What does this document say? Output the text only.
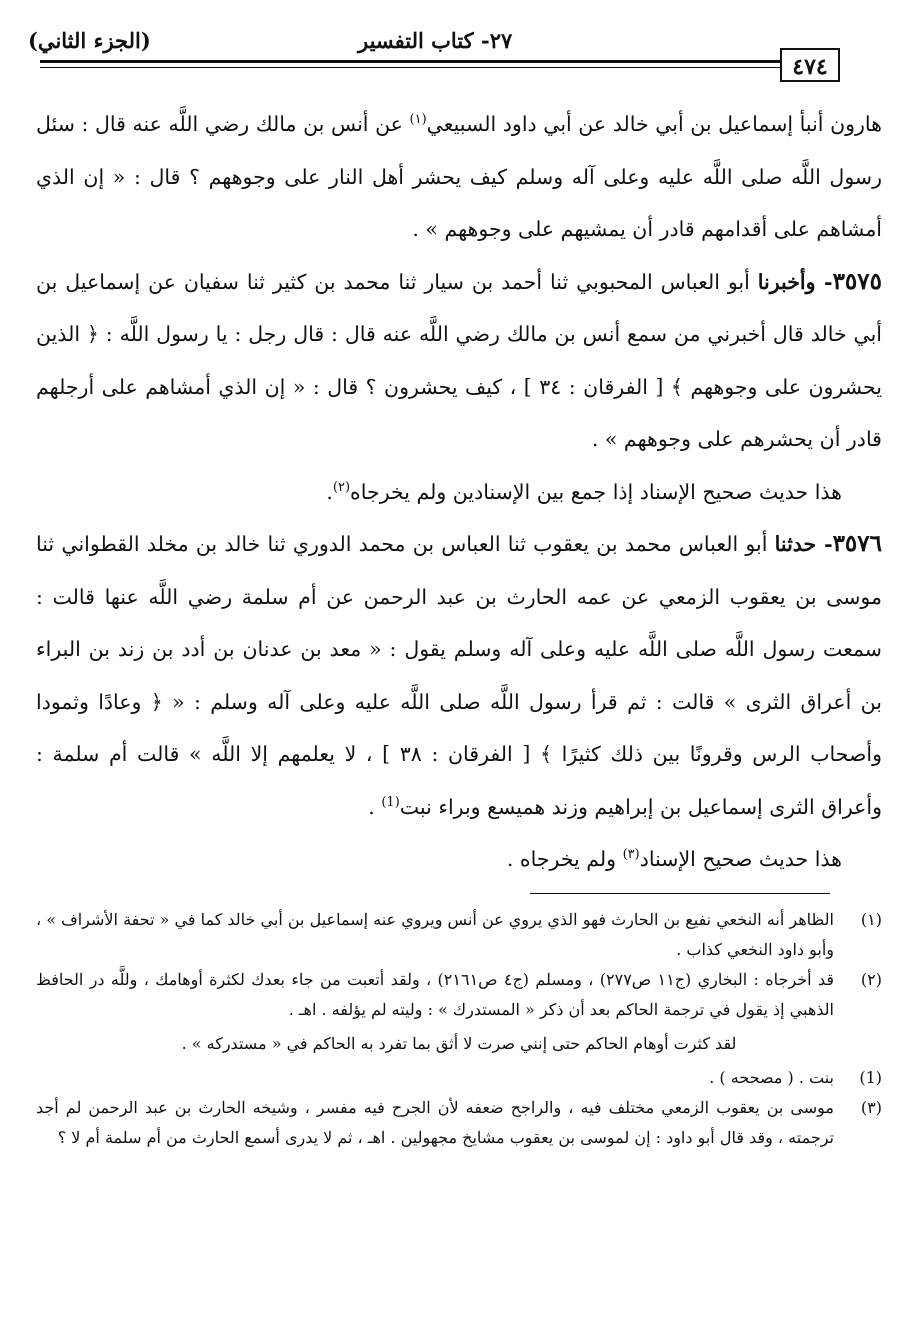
(الجزء الثاني)	٢٧- كتاب التفسير
٤٧٤

هارون أنبأ إسماعيل بن أبي خالد عن أبي داود السبيعي$^{(١)}$ عن أنس بن مالك رضي اللَّه عنه قال : سئل رسول اللَّه صلى اللَّه عليه وعلى آله وسلم كيف يحشر أهل النار على وجوههم ؟ قال : « إن الذي أمشاهم على أقدامهم قادر أن يمشيهم على وجوههم » .

٣٥٧٥- وأخبرنا أبو العباس المحبوبي ثنا أحمد بن سيار ثنا محمد بن كثير ثنا سفيان عن إسماعيل بن أبي خالد قال أخبرني من سمع أنس بن مالك رضي اللَّه عنه قال : قال رجل : يا رسول اللَّه : ﴿ الذين يحشرون على وجوههم ﴾ [ الفرقان : ٣٤ ] ، كيف يحشرون ؟ قال : « إن الذي أمشاهم على أرجلهم قادر أن يحشرهم على وجوههم » .

هذا حديث صحيح الإسناد إذا جمع بين الإسنادين ولم يخرجاه$^{(٢)}$.

٣٥٧٦- حدثنا أبو العباس محمد بن يعقوب ثنا العباس بن محمد الدوري ثنا خالد بن مخلد القطواني ثنا موسى بن يعقوب الزمعي عن عمه الحارث بن عبد الرحمن عن أم سلمة رضي اللَّه عنها قالت : سمعت رسول اللَّه صلى اللَّه عليه وعلى آله وسلم يقول : « معد بن عدنان بن أدد بن زند بن البراء بن أعراق الثرى » قالت : ثم قرأ رسول اللَّه صلى اللَّه عليه وعلى آله وسلم : « ﴿ وعادًا وثمودا وأصحاب الرس وقرونًا بين ذلك كثيرًا ﴾ [ الفرقان : ٣٨ ] ، لا يعلمهم إلا اللَّه » قالت أم سلمة : وأعراق الثرى إسماعيل بن إبراهيم وزند هميسع وبراء نبت$^{(1)}$ .

هذا حديث صحيح الإسناد$^{(٣)}$ ولم يخرجاه .

(١)
الظاهر أنه النخعي نفيع بن الحارث فهو الذي يروي عن أنس ويروي عنه إسماعيل بن أبي خالد كما في « تحفة الأشراف » ، وأبو داود النخعي كذاب .
(٢)
قد أخرجاه : البخاري (ج١١ ص٢٧٧) ، ومسلم (ج٤ ص٢١٦١) ، ولقد أتعبت من جاء بعدك لكثرة أوهامك ، وللَّه در الحافظ الذهبي إذ يقول في ترجمة الحاكم بعد أن ذكر « المستدرك » : وليته لم يؤلفه . اهـ .
لقد كثرت أوهام الحاكم حتى إنني صرت لا أثق بما تفرد به الحاكم في « مستدركه » .
(1)
بنت . ( مصححه ) .
(٣)
موسى بن يعقوب الزمعي مختلف فيه ، والراجح ضعفه لأن الجرح فيه مفسر ، وشيخه الحارث بن عبد الرحمن لم أجد ترجمته ، وقد قال أبو داود : إن لموسى بن يعقوب مشايخ مجهولين . اهـ ، ثم لا يدرى أسمع الحارث من أم سلمة أم لا ؟
